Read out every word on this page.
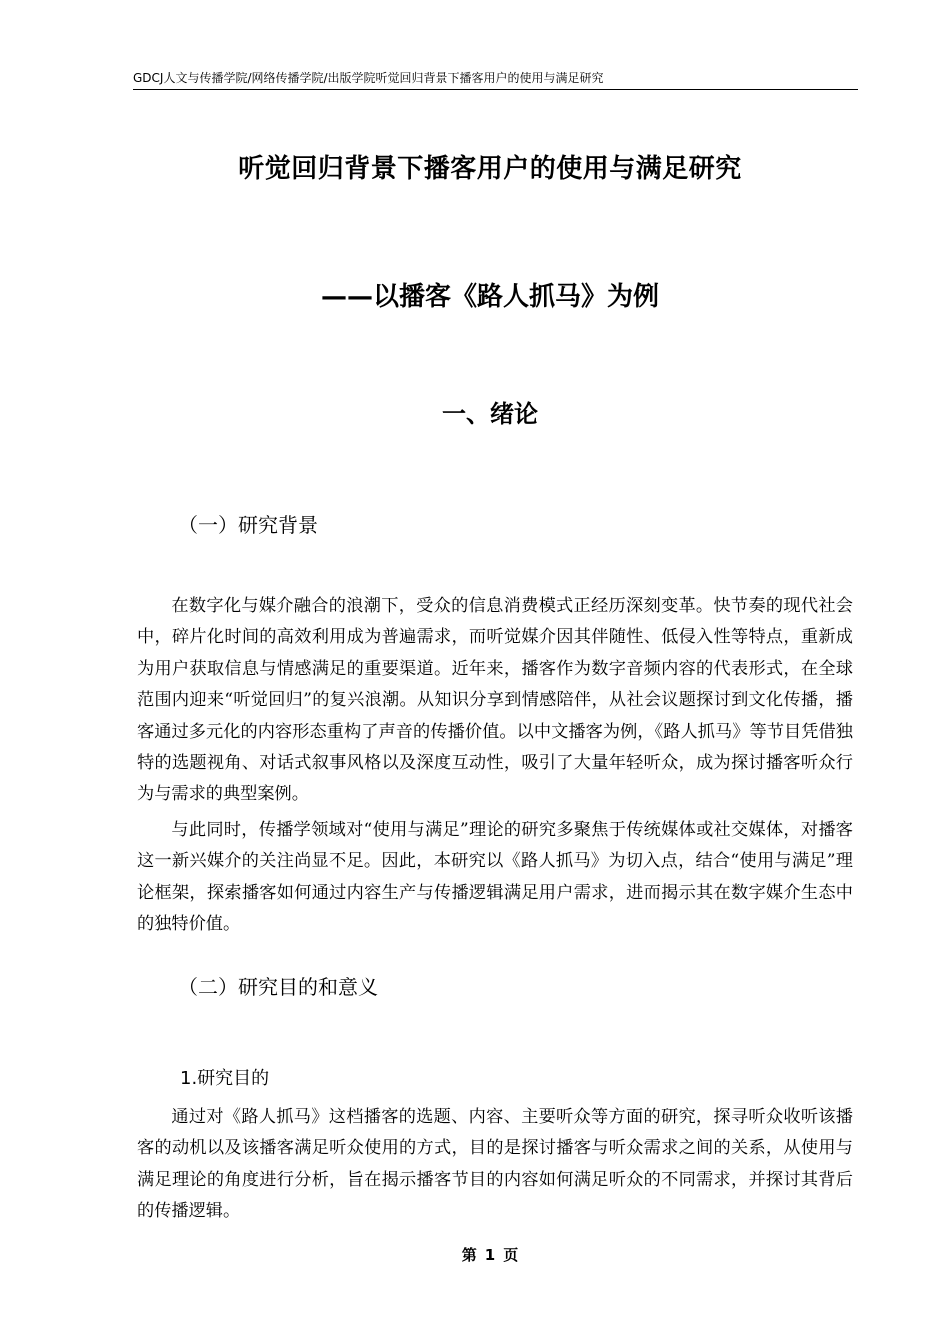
GDCJ人文与传播学院/网络传播学院/出版学院听觉回归背景下播客用户的使用与满足研究
听觉回归背景下播客用户的使用与满足研究
——以播客《路人抓马》为例
一、绪论
（一）研究背景

在数字化与媒介融合的浪潮下，受众的信息消费模式正经历深刻变革。快节奏的现代社会中，碎片化时间的高效利用成为普遍需求，而听觉媒介因其伴随性、低侵入性等特点，重新成为用户获取信息与情感满足的重要渠道。近年来，播客作为数字音频内容的代表形式，在全球范围内迎来“听觉回归”的复兴浪潮。从知识分享到情感陪伴，从社会议题探讨到文化传播，播客通过多元化的内容形态重构了声音的传播价值。以中文播客为例，《路人抓马》等节目凭借独特的选题视角、对话式叙事风格以及深度互动性，吸引了大量年轻听众，成为探讨播客听众行为与需求的典型案例。

与此同时，传播学领域对“使用与满足”理论的研究多聚焦于传统媒体或社交媒体，对播客这一新兴媒介的关注尚显不足。因此，本研究以《路人抓马》为切入点，结合“使用与满足”理论框架，探索播客如何通过内容生产与传播逻辑满足用户需求，进而揭示其在数字媒介生态中的独特价值。

（二）研究目的和意义
1.研究目的

通过对《路人抓马》这档播客的选题、内容、主要听众等方面的研究，探寻听众收听该播客的动机以及该播客满足听众使用的方式，目的是探讨播客与听众需求之间的关系，从使用与满足理论的角度进行分析，旨在揭示播客节目的内容如何满足听众的不同需求，并探讨其背后的传播逻辑。

第 1 页
